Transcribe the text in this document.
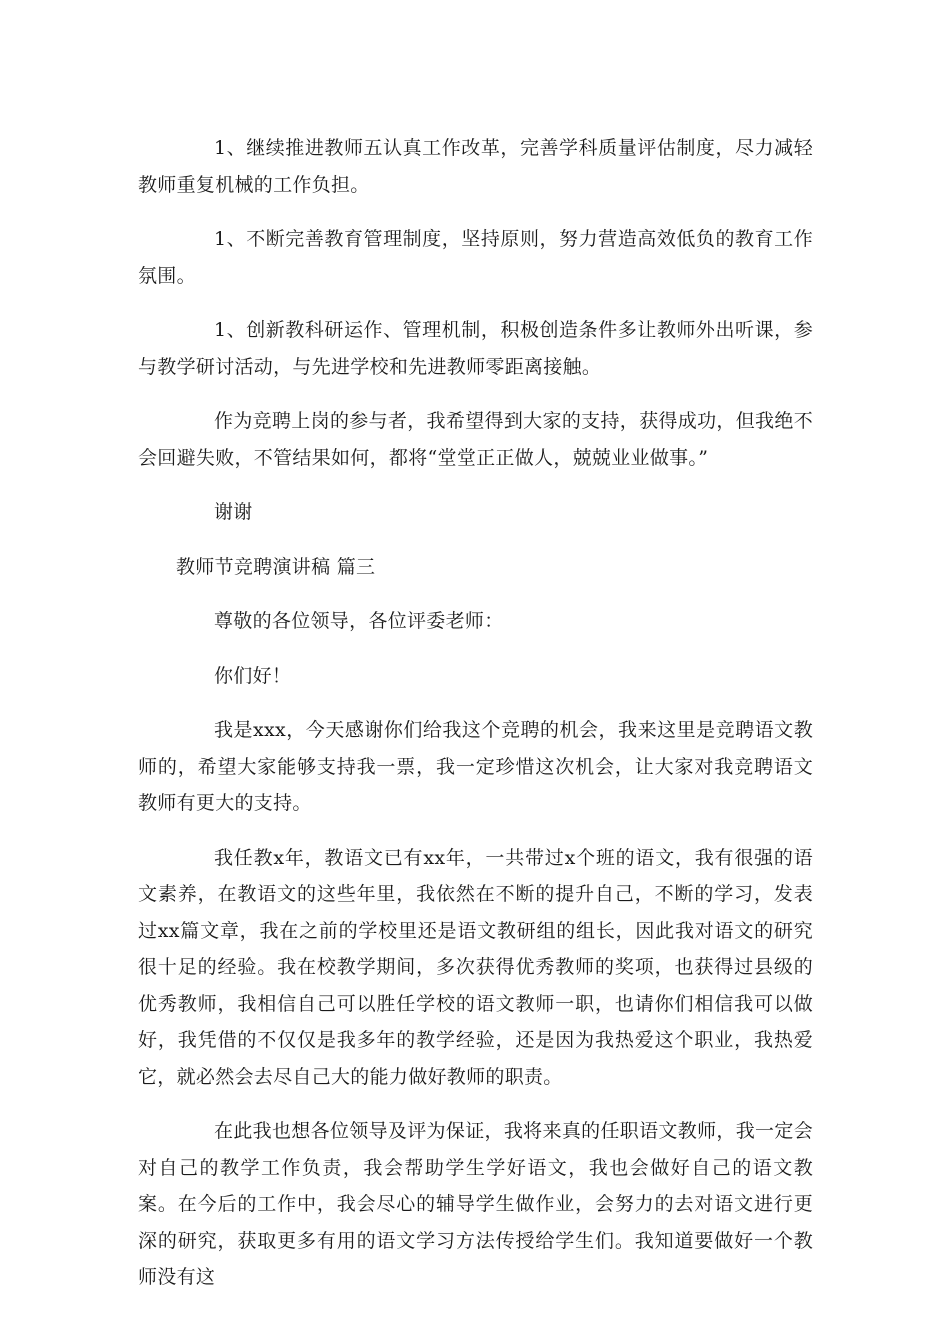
1、继续推进教师五认真工作改革，完善学科质量评估制度，尽力减轻教师重复机械的工作负担。

1、不断完善教育管理制度，坚持原则，努力营造高效低负的教育工作氛围。

1、创新教科研运作、管理机制，积极创造条件多让教师外出听课，参与教学研讨活动，与先进学校和先进教师零距离接触。

作为竞聘上岗的参与者，我希望得到大家的支持，获得成功，但我绝不会回避失败，不管结果如何，都将“堂堂正正做人，兢兢业业做事。”

谢谢

教师节竞聘演讲稿 篇三

尊敬的各位领导，各位评委老师：

你们好！

我是xxx，今天感谢你们给我这个竞聘的机会，我来这里是竞聘语文教师的，希望大家能够支持我一票，我一定珍惜这次机会，让大家对我竞聘语文教师有更大的支持。

我任教x年，教语文已有xx年，一共带过x个班的语文，我有很强的语文素养，在教语文的这些年里，我依然在不断的提升自己，不断的学习，发表过xx篇文章，我在之前的学校里还是语文教研组的组长，因此我对语文的研究很十足的经验。我在校教学期间，多次获得优秀教师的奖项，也获得过县级的优秀教师，我相信自己可以胜任学校的语文教师一职，也请你们相信我可以做好，我凭借的不仅仅是我多年的教学经验，还是因为我热爱这个职业，我热爱它，就必然会去尽自己大的能力做好教师的职责。

在此我也想各位领导及评为保证，我将来真的任职语文教师，我一定会对自己的教学工作负责，我会帮助学生学好语文，我也会做好自己的语文教案。在今后的工作中，我会尽心的辅导学生做作业，会努力的去对语文进行更深的研究，获取更多有用的语文学习方法传授给学生们。我知道要做好一个教师没有这
